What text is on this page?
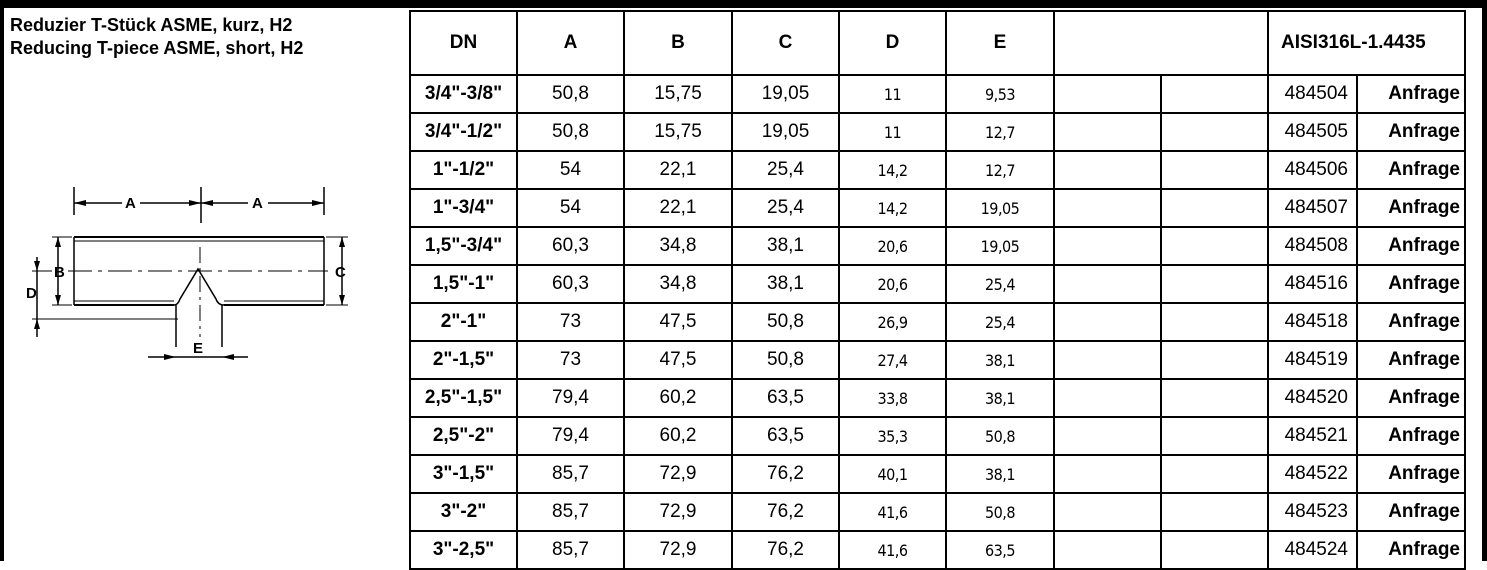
Reduzier T-Stück ASME, kurz, H2
Reducing T-piece ASME, short, H2
A	A
B
D
C
E
DN	A	B	C	D	E			AISI316L-1.4435	
3/4"-3/8"	50,8	15,75	19,05	11	9,53			484504	Anfrage
3/4"-1/2"	50,8	15,75	19,05	11	12,7			484505	Anfrage
1"-1/2"	54	22,1	25,4	14,2	12,7			484506	Anfrage
1"-3/4"	54	22,1	25,4	14,2	19,05			484507	Anfrage
1,5"-3/4"	60,3	34,8	38,1	20,6	19,05			484508	Anfrage
1,5"-1"	60,3	34,8	38,1	20,6	25,4			484516	Anfrage
2"-1"	73	47,5	50,8	26,9	25,4			484518	Anfrage
2"-1,5"	73	47,5	50,8	27,4	38,1			484519	Anfrage
2,5"-1,5"	79,4	60,2	63,5	33,8	38,1			484520	Anfrage
2,5"-2"	79,4	60,2	63,5	35,3	50,8			484521	Anfrage
3"-1,5"	85,7	72,9	76,2	40,1	38,1			484522	Anfrage
3"-2"	85,7	72,9	76,2	41,6	50,8			484523	Anfrage
3"-2,5"	85,7	72,9	76,2	41,6	63,5			484524	Anfrage
